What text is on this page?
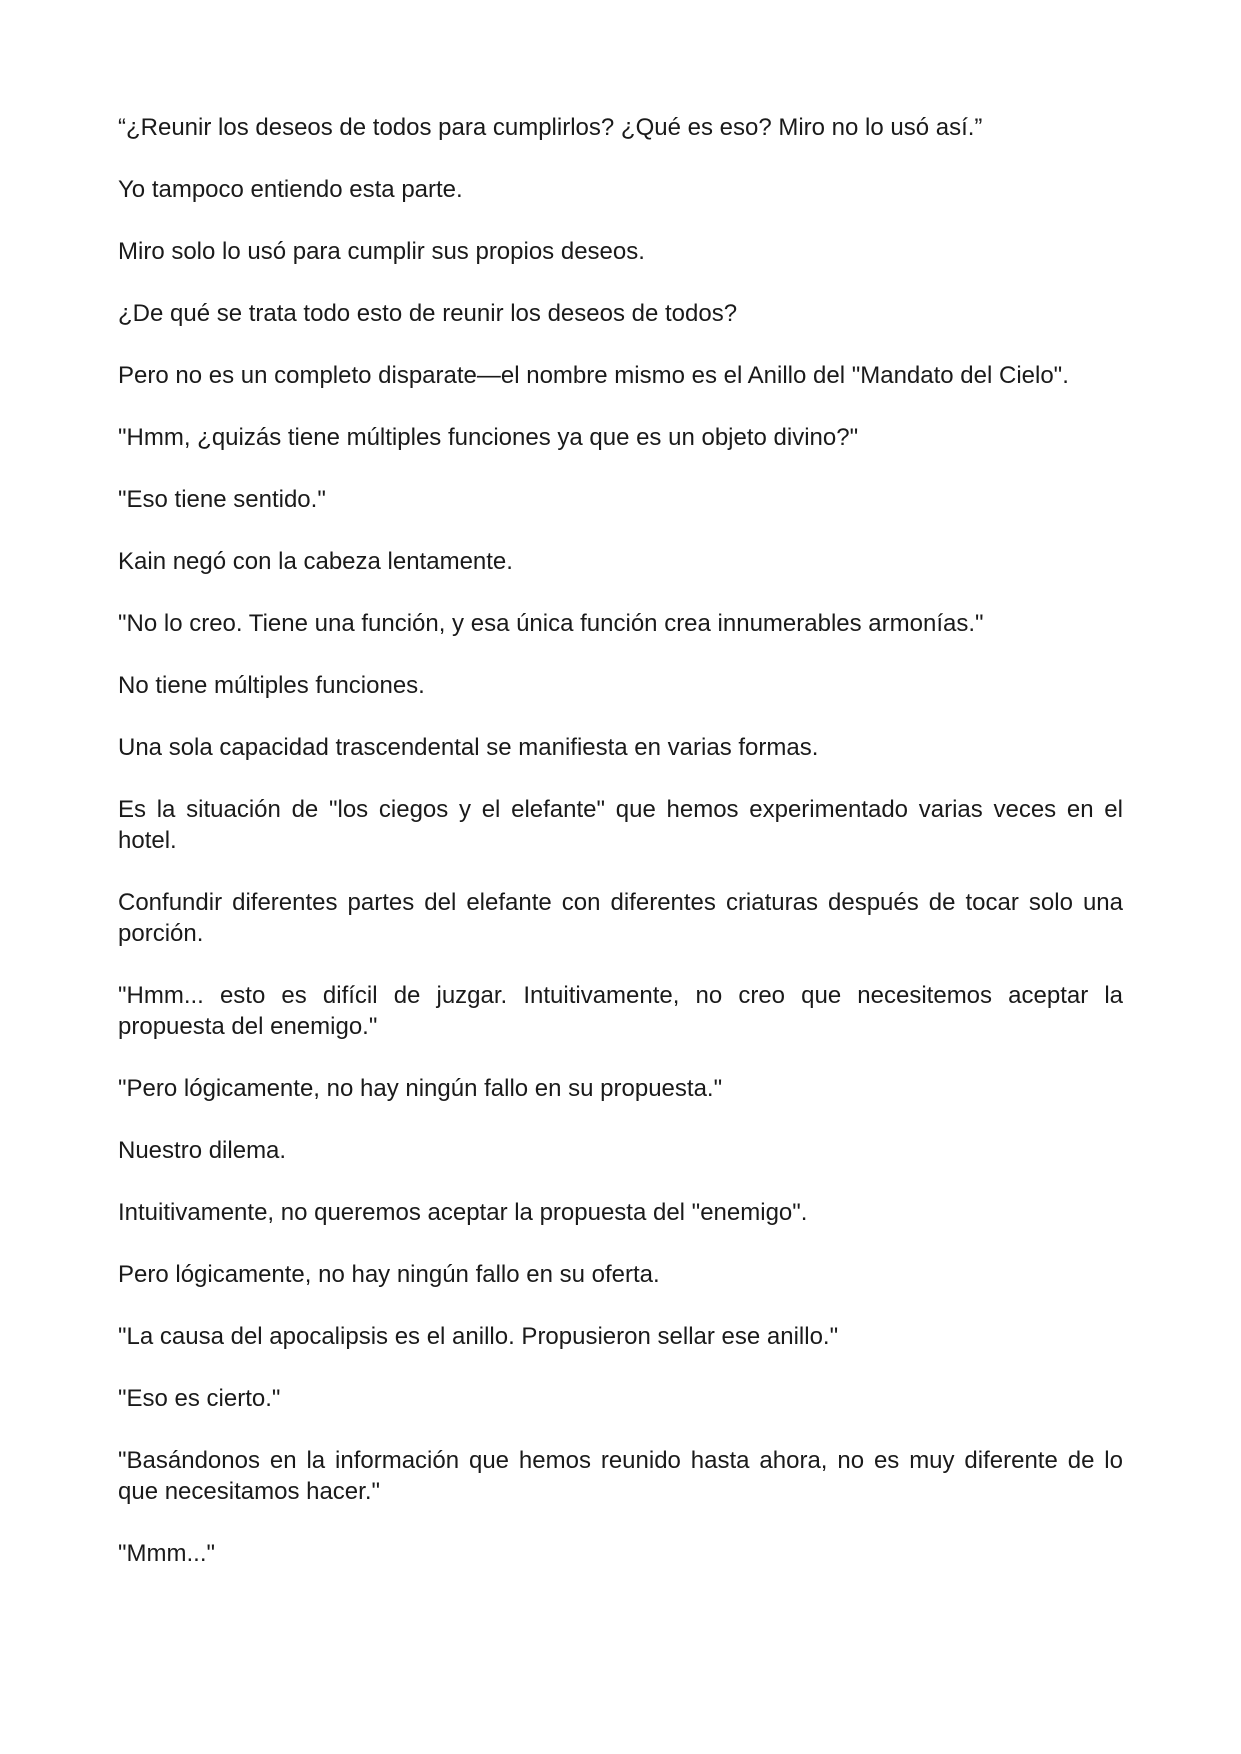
“¿Reunir los deseos de todos para cumplirlos? ¿Qué es eso? Miro no lo usó así.”

Yo tampoco entiendo esta parte.

Miro solo lo usó para cumplir sus propios deseos.

¿De qué se trata todo esto de reunir los deseos de todos?

Pero no es un completo disparate—el nombre mismo es el Anillo del "Mandato del Cielo".

"Hmm, ¿quizás tiene múltiples funciones ya que es un objeto divino?"

"Eso tiene sentido."

Kain negó con la cabeza lentamente.

"No lo creo. Tiene una función, y esa única función crea innumerables armonías."

No tiene múltiples funciones.

Una sola capacidad trascendental se manifiesta en varias formas.

Es la situación de "los ciegos y el elefante" que hemos experimentado varias veces en el hotel.

Confundir diferentes partes del elefante con diferentes criaturas después de tocar solo una porción.

"Hmm... esto es difícil de juzgar. Intuitivamente, no creo que necesitemos aceptar la propuesta del enemigo."

"Pero lógicamente, no hay ningún fallo en su propuesta."

Nuestro dilema.

Intuitivamente, no queremos aceptar la propuesta del "enemigo".

Pero lógicamente, no hay ningún fallo en su oferta.

"La causa del apocalipsis es el anillo. Propusieron sellar ese anillo."

"Eso es cierto."

"Basándonos en la información que hemos reunido hasta ahora, no es muy diferente de lo que necesitamos hacer."

"Mmm..."
